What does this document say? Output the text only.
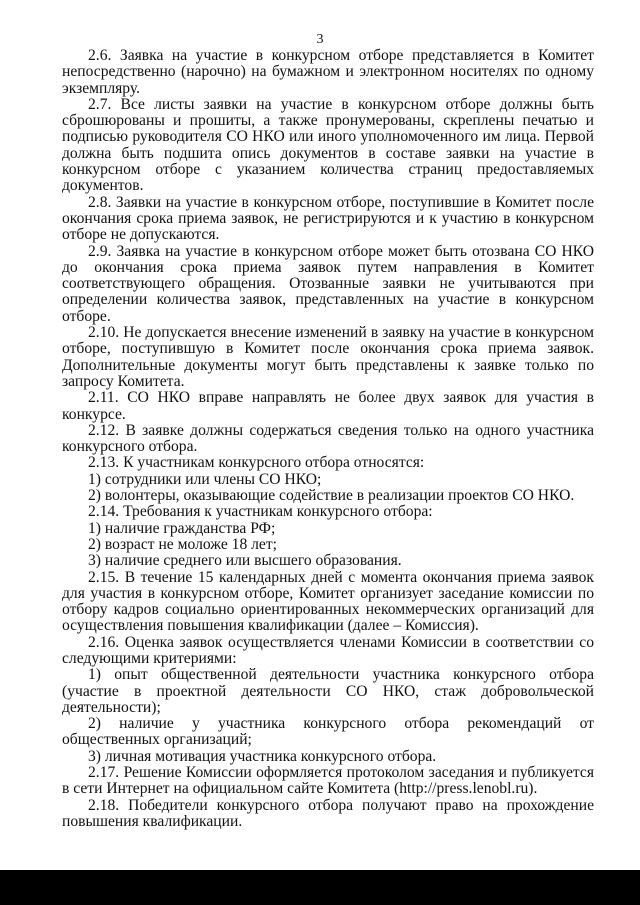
3

2.6. Заявка на участие в конкурсном отборе представляется в Комитет непосредственно (нарочно) на бумажном и электронном носителях по одному экземпляру.

2.7. Все листы заявки на участие в конкурсном отборе должны быть сброшюрованы и прошиты, а также пронумерованы, скреплены печатью и подписью руководителя СО НКО или иного уполномоченного им лица. Первой должна быть подшита опись документов в составе заявки на участие в конкурсном отборе с указанием количества страниц предоставляемых документов.

2.8. Заявки на участие в конкурсном отборе, поступившие в Комитет после окончания срока приема заявок, не регистрируются и к участию в конкурсном отборе не допускаются.

2.9. Заявка на участие в конкурсном отборе может быть отозвана СО НКО до окончания срока приема заявок путем направления в Комитет соответствующего обращения. Отозванные заявки не учитываются при определении количества заявок, представленных на участие в конкурсном отборе.

2.10. Не допускается внесение изменений в заявку на участие в конкурсном отборе, поступившую в Комитет после окончания срока приема заявок. Дополнительные документы могут быть представлены к заявке только по запросу Комитета.

2.11. СО НКО вправе направлять не более двух заявок для участия в конкурсе.

2.12. В заявке должны содержаться сведения только на одного участника конкурсного отбора.

2.13. К участникам конкурсного отбора относятся:

1) сотрудники или члены СО НКО;

2) волонтеры, оказывающие содействие в реализации проектов СО НКО.

2.14. Требования к участникам конкурсного отбора:

1) наличие гражданства РФ;

2) возраст не моложе 18 лет;

3) наличие среднего или высшего образования.

2.15. В течение 15 календарных дней с момента окончания приема заявок для участия в конкурсном отборе, Комитет организует заседание комиссии по отбору кадров социально ориентированных некоммерческих организаций для осуществления повышения квалификации (далее – Комиссия).

2.16. Оценка заявок осуществляется членами Комиссии в соответствии со следующими критериями:

1) опыт общественной деятельности участника конкурсного отбора (участие в проектной деятельности СО НКО, стаж добровольческой деятельности);

2) наличие у участника конкурсного отбора рекомендаций от общественных организаций;

3) личная мотивация участника конкурсного отбора.

2.17. Решение Комиссии оформляется протоколом заседания и публикуется в сети Интернет на официальном сайте Комитета (http://press.lenobl.ru).

2.18. Победители конкурсного отбора получают право на прохождение повышения квалификации.
